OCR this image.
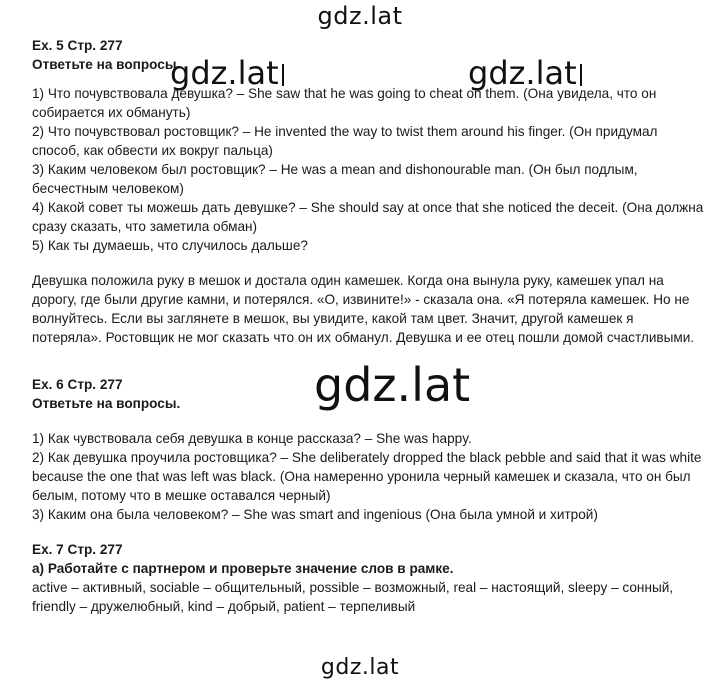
gdz.lat

Ex. 5 Стр. 277

Ответьте на вопросы

1) Что почувствовала девушка? – She saw that he was going to cheat on them. (Она увидела, что он собирается их обмануть)

2) Что почувствовал ростовщик? – He invented the way to twist them around his finger. (Он придумал способ, как обвести их вокруг пальца)

3) Каким человеком был ростовщик? – He was a mean and dishonourable man. (Он был подлым, бесчестным человеком)

4) Какой совет ты можешь дать девушке? – She should say at once that she noticed the deceit. (Она должна сразу сказать, что заметила обман)

5) Как ты думаешь, что случилось дальше?

Девушка положила руку в мешок и достала один камешек. Когда она вынула руку, камешек упал на дорогу, где были другие камни, и потерялся. «О, извините!» - сказала она. «Я потеряла камешек. Но не волнуйтесь. Если вы заглянете в мешок, вы увидите, какой там цвет. Значит, другой камешек я потеряла». Ростовщик не мог сказать что он их обманул. Девушка и ее отец пошли домой счастливыми.

Ex. 6 Стр. 277

Ответьте на вопросы.

1) Как чувствовала себя девушка в конце рассказа? – She was happy.

2) Как девушка проучила ростовщика? – She deliberately dropped the black pebble and said that it was white because the one that was left was black. (Она намеренно уронила черный камешек и сказала, что он был белым, потому что в мешке оставался черный)

3) Каким она была человеком? – She was smart and ingenious (Она была умной и хитрой)

Ex. 7 Стр. 277

а) Работайте с партнером и проверьте значение слов в рамке.

active – активный, sociable – общительный, possible – возможный, real – настоящий, sleepy – сонный, friendly – дружелюбный, kind – добрый, patient – терпеливый

gdz.lat	gdz.lat
gdz.lat
gdz.lat
